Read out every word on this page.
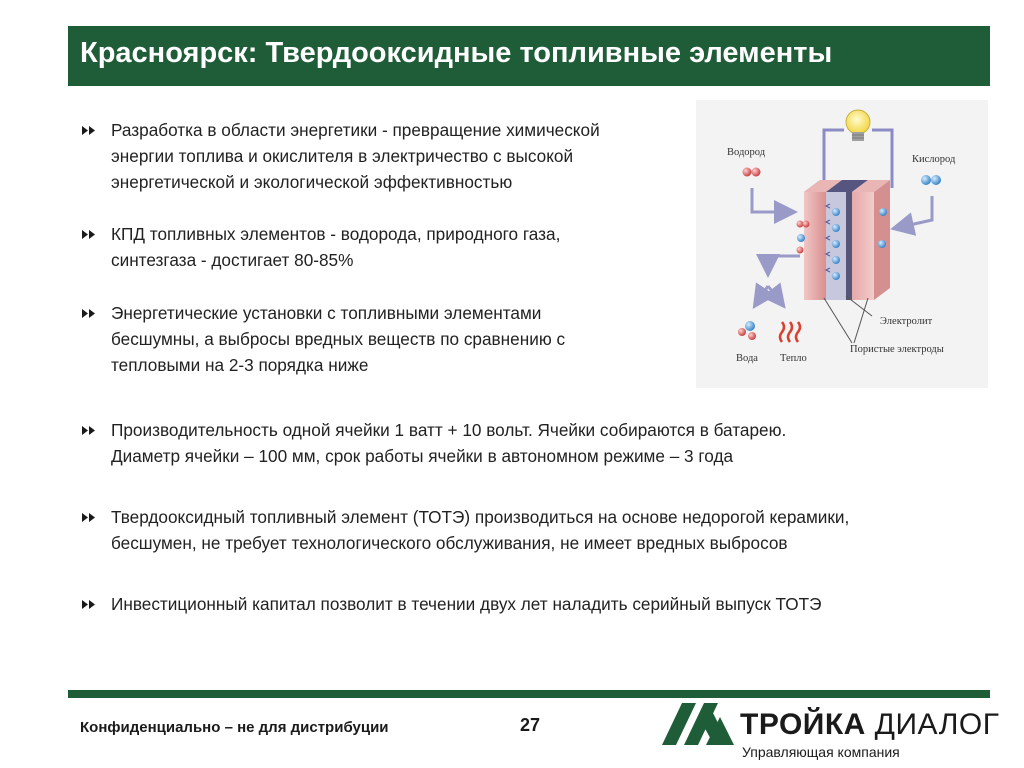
Красноярск: Твердооксидные топливные элементы
Разработка в области энергетики - превращение химической
энергии топлива и окислителя в электричество с высокой
энергетической и экологической эффективностью
КПД топливных элементов - водорода, природного газа,
синтезгаза - достигает 80-85%
Энергетические установки с топливными элементами
бесшумны, а выбросы вредных веществ по сравнению с
тепловыми на 2-3 порядка ниже
Производительность одной ячейки 1 ватт + 10 вольт. Ячейки собираются в батарею.
Диаметр ячейки – 100 мм, срок работы ячейки в автономном режиме – 3 года
Твердооксидный топливный элемент (ТОТЭ) производиться на основе недорогой керамики,
бесшумен, не требует технологического обслуживания, не имеет вредных выбросов
Инвестиционный капитал позволит в течении двух лет наладить серийный выпуск ТОТЭ
Водород
Кислород
Электролит
Пористые электроды
Вода Тепло
Конфиденциально – не для дистрибуции	27	ТРОЙКА ДИАЛОГ
Управляющая компания
